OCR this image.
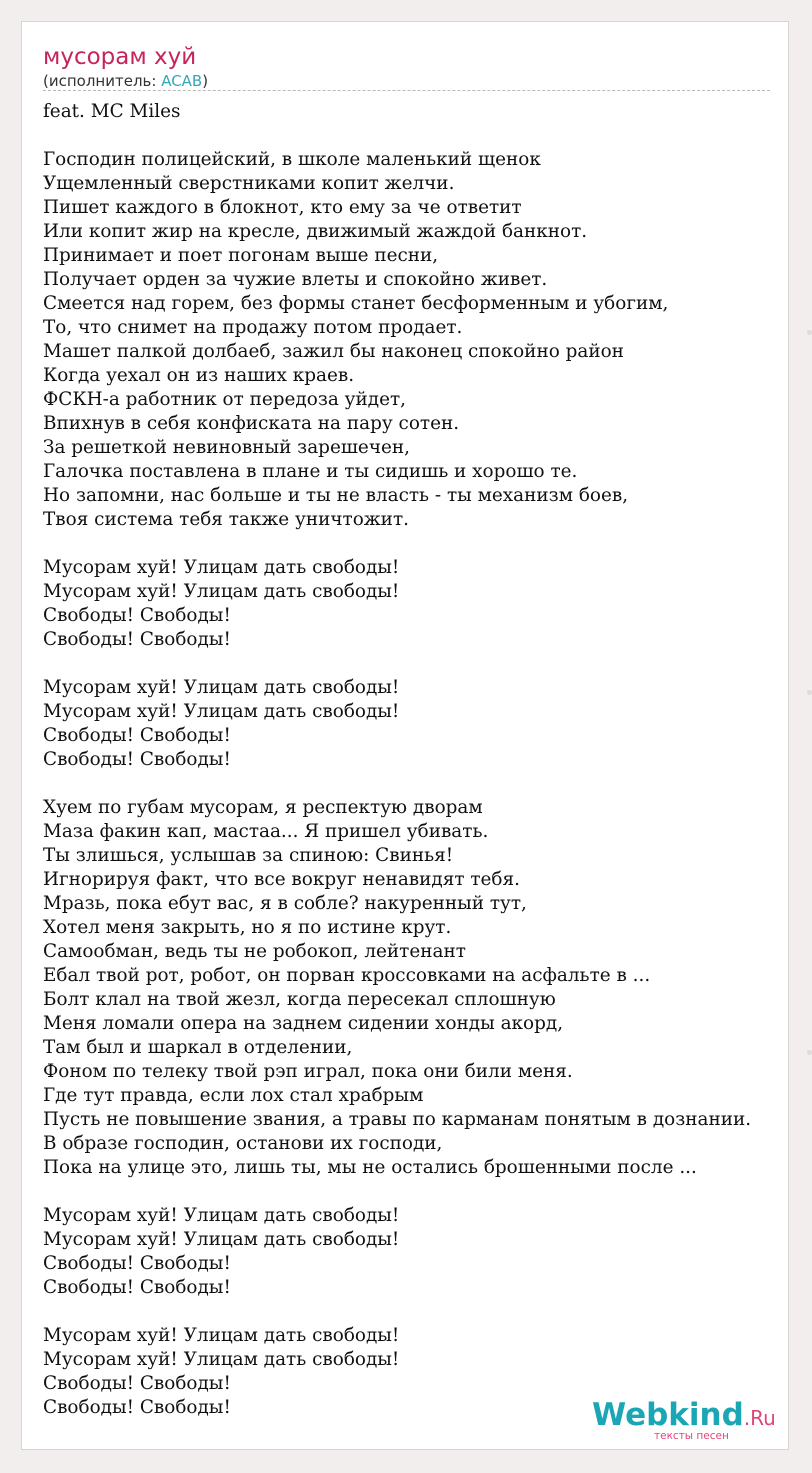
мусорам хуй
(исполнитель: ACAB)
feat. MC Miles

Господин полицейский, в школе маленький щенок
Ущемленный сверстниками копит желчи.
Пишет каждого в блокнот, кто ему за че ответит
Или копит жир на кресле, движимый жаждой банкнот.
Принимает и поет погонам выше песни,
Получает орден за чужие влеты и спокойно живет.
Смеется над горем, без формы станет бесформенным и убогим,
То, что снимет на продажу потом продает.
Машет палкой долбаеб, зажил бы наконец спокойно район
Когда уехал он из наших краев.
ФСКН-а работник от передоза уйдет,
Впихнув в себя конфиската на пару сотен.
За решеткой невиновный зарешечен,
Галочка поставлена в плане и ты сидишь и хорошо те.
Но запомни, нас больше и ты не власть - ты механизм боев,
Твоя система тебя также уничтожит.

Мусорам хуй! Улицам дать свободы!
Мусорам хуй! Улицам дать свободы!
Свободы! Свободы!
Свободы! Свободы!

Мусорам хуй! Улицам дать свободы!
Мусорам хуй! Улицам дать свободы!
Свободы! Свободы!
Свободы! Свободы!

Хуем по губам мусорам, я респектую дворам
Маза факин кап, мастаа... Я пришел убивать.
Ты злишься, услышав за спиною: Свинья!
Игнорируя факт, что все вокруг ненавидят тебя.
Мразь, пока ебут вас, я в собле? накуренный тут,
Хотел меня закрыть, но я по истине крут.
Самообман, ведь ты не робокоп, лейтенант
Ебал твой рот, робот, он порван кроссовками на асфальте в ...
Болт клал на твой жезл, когда пересекал сплошную
Меня ломали опера на заднем сидении хонды акорд,
Там был и шаркал в отделении,
Фоном по телеку твой рэп играл, пока они били меня.
Где тут правда, если лох стал храбрым
Пусть не повышение звания, а травы по карманам понятым в дознании.
В образе господин, останови их господи,
Пока на улице это, лишь ты, мы не остались брошенными после ...

Мусорам хуй! Улицам дать свободы!
Мусорам хуй! Улицам дать свободы!
Свободы! Свободы!
Свободы! Свободы!

Мусорам хуй! Улицам дать свободы!
Мусорам хуй! Улицам дать свободы!
Свободы! Свободы!
Свободы! Свободы!	Webkind.Ru
тексты песен
